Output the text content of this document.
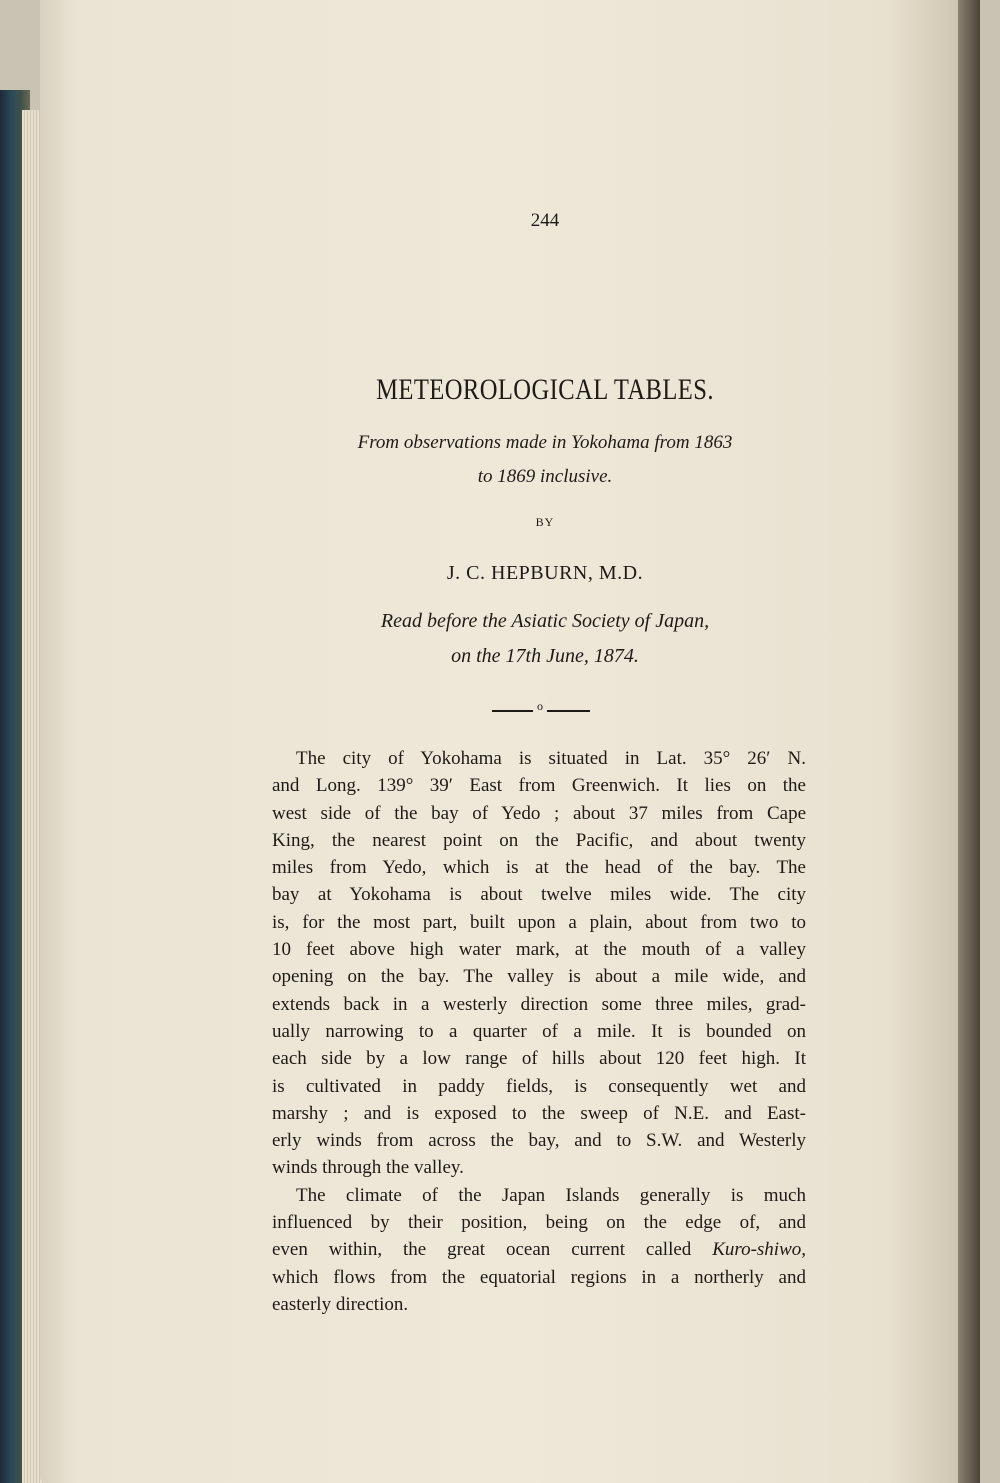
244
METEOROLOGICAL TABLES.
From observations made in Yokohama from 1863
to 1869 inclusive.
BY
J. C. HEPBURN, M.D.
Read before the Asiatic Society of Japan,
on the 17th June, 1874.
o
The city of Yokohama is situated in Lat. 35° 26′ N.
and Long. 139° 39′ East from Greenwich. It lies on the
west side of the bay of Yedo ; about 37 miles from Cape
King, the nearest point on the Pacific, and about twenty
miles from Yedo, which is at the head of the bay. The
bay at Yokohama is about twelve miles wide. The city
is, for the most part, built upon a plain, about from two to
10 feet above high water mark, at the mouth of a valley
opening on the bay. The valley is about a mile wide, and
extends back in a westerly direction some three miles, grad-
ually narrowing to a quarter of a mile. It is bounded on
each side by a low range of hills about 120 feet high. It
is cultivated in paddy fields, is consequently wet and
marshy ; and is exposed to the sweep of N.E. and East-
erly winds from across the bay, and to S.W. and Westerly
winds through the valley.
The climate of the Japan Islands generally is much
influenced by their position, being on the edge of, and
even within, the great ocean current called Kuro-shiwo,
which flows from the equatorial regions in a northerly and
easterly direction.
